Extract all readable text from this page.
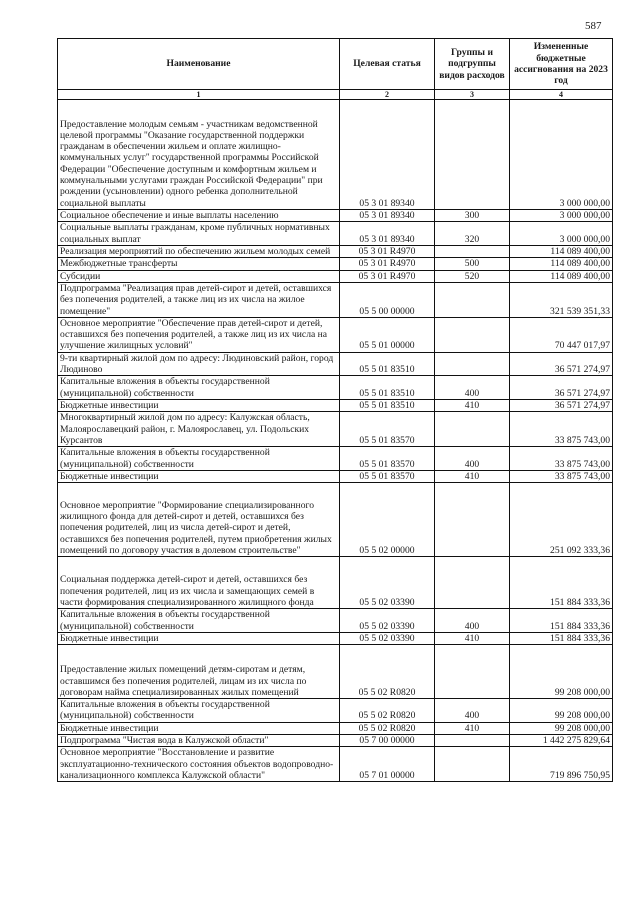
587
Наименование	Целевая статья	Группы и подгруппы видов расходов	Измененные бюджетные ассигнования на 2023 год
1	2	3	4
Предоставление молодым семьям - участникам ведомственной целевой программы "Оказание государственной поддержки гражданам в обеспечении жильем и оплате жилищно-коммунальных услуг" государственной программы Российской Федерации "Обеспечение доступным и комфортным жильем и коммунальными услугами граждан Российской Федерации" при рождении (усыновлении) одного ребенка дополнительной социальной выплаты	05 3 01 89340		3 000 000,00
Социальное обеспечение и иные выплаты населению	05 3 01 89340	300	3 000 000,00
Социальные выплаты гражданам, кроме публичных нормативных социальных выплат	05 3 01 89340	320	3 000 000,00
Реализация мероприятий по обеспечению жильем молодых семей	05 3 01 R4970		114 089 400,00
Межбюджетные трансферты	05 3 01 R4970	500	114 089 400,00
Субсидии	05 3 01 R4970	520	114 089 400,00
Подпрограмма "Реализация прав детей-сирот и детей, оставшихся без попечения родителей, а также лиц из их числа на жилое помещение"	05 5 00 00000		321 539 351,33
Основное мероприятие "Обеспечение прав детей-сирот и детей, оставшихся без попечения родителей, а также лиц из их числа на улучшение жилищных условий"	05 5 01 00000		70 447 017,97
9-ти квартирный жилой дом по адресу: Людиновский район, город Людиново	05 5 01 83510		36 571 274,97
Капитальные вложения в объекты государственной (муниципальной) собственности	05 5 01 83510	400	36 571 274,97
Бюджетные инвестиции	05 5 01 83510	410	36 571 274,97
Многоквартирный жилой дом по адресу: Калужская область, Малоярославецкий район, г. Малоярославец, ул. Подольских Курсантов	05 5 01 83570		33 875 743,00
Капитальные вложения в объекты государственной (муниципальной) собственности	05 5 01 83570	400	33 875 743,00
Бюджетные инвестиции	05 5 01 83570	410	33 875 743,00
Основное мероприятие "Формирование специализированного жилищного фонда для детей-сирот и детей, оставшихся без попечения родителей, лиц из числа детей-сирот и детей, оставшихся без попечения родителей, путем приобретения жилых помещений по договору участия в долевом строительстве"	05 5 02 00000		251 092 333,36
Социальная поддержка детей-сирот и детей, оставшихся без попечения родителей, лиц из их числа и замещающих семей в части формирования специализированного жилищного фонда	05 5 02 03390		151 884 333,36
Капитальные вложения в объекты государственной (муниципальной) собственности	05 5 02 03390	400	151 884 333,36
Бюджетные инвестиции	05 5 02 03390	410	151 884 333,36
Предоставление жилых помещений детям-сиротам и детям, оставшимся без попечения родителей, лицам из их числа по договорам найма специализированных жилых помещений	05 5 02 R0820		99 208 000,00
Капитальные вложения в объекты государственной (муниципальной) собственности	05 5 02 R0820	400	99 208 000,00
Бюджетные инвестиции	05 5 02 R0820	410	99 208 000,00
Подпрограмма "Чистая вода в Калужской области"	05 7 00 00000		1 442 275 829,64
Основное мероприятие "Восстановление и развитие эксплуатационно-технического состояния объектов водопроводно-канализационного комплекса Калужской области"	05 7 01 00000		719 896 750,95
